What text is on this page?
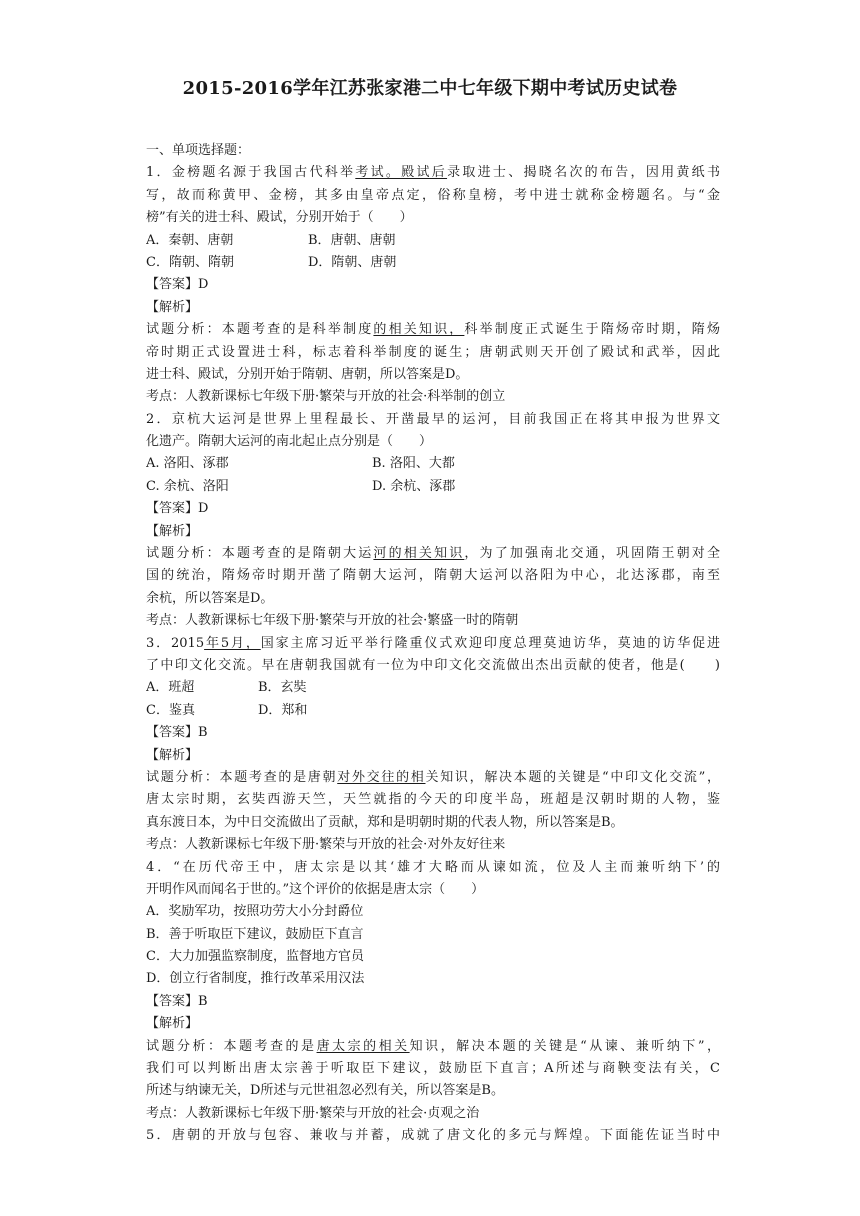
2015-2016学年江苏张家港二中七年级下期中考试历史试卷
一、单项选择题：
1．金榜题名源于我国古代科举考试。殿试后录取进士、揭晓名次的布告，因用黄纸书
写，故而称黄甲、金榜，其多由皇帝点定，俗称皇榜，考中进士就称金榜题名。与“金
榜”有关的进士科、殿试，分别开始于（　　）
A．秦朝、唐朝	B．唐朝、唐朝
C．隋朝、隋朝	D．隋朝、唐朝
【答案】D
【解析】
试题分析：本题考查的是科举制度的相关知识，科举制度正式诞生于隋炀帝时期，隋炀
帝时期正式设置进士科，标志着科举制度的诞生；唐朝武则天开创了殿试和武举，因此
进士科、殿试，分别开始于隋朝、唐朝，所以答案是D。
考点：人教新课标七年级下册·繁荣与开放的社会·科举制的创立
2．京杭大运河是世界上里程最长、开凿最早的运河，目前我国正在将其申报为世界文
化遗产。隋朝大运河的南北起止点分别是（　　）
A. 洛阳、涿郡	B. 洛阳、大都
C. 余杭、洛阳	D. 余杭、涿郡
【答案】D
【解析】
试题分析：本题考查的是隋朝大运河的相关知识，为了加强南北交通，巩固隋王朝对全
国的统治，隋炀帝时期开凿了隋朝大运河，隋朝大运河以洛阳为中心，北达涿郡，南至
余杭，所以答案是D。
考点：人教新课标七年级下册·繁荣与开放的社会·繁盛一时的隋朝
3．2015年5月，国家主席习近平举行隆重仪式欢迎印度总理莫迪访华，莫迪的访华促进
了中印文化交流。早在唐朝我国就有一位为中印文化交流做出杰出贡献的使者，他是(　　)
A．班超	B．玄奘
C．鉴真	D．郑和
【答案】B
【解析】
试题分析：本题考查的是唐朝对外交往的相关知识，解决本题的关键是“中印文化交流”，
唐太宗时期，玄奘西游天竺，天竺就指的今天的印度半岛，班超是汉朝时期的人物，鉴
真东渡日本，为中日交流做出了贡献，郑和是明朝时期的代表人物，所以答案是B。
考点：人教新课标七年级下册·繁荣与开放的社会·对外友好往来
4．“在历代帝王中，唐太宗是以其‘雄才大略而从谏如流，位及人主而兼听纳下’的
开明作风而闻名于世的。”这个评价的依据是唐太宗（　　）
A．奖励军功，按照功劳大小分封爵位
B．善于听取臣下建议，鼓励臣下直言
C．大力加强监察制度，监督地方官员
D．创立行省制度，推行改革采用汉法
【答案】B
【解析】
试题分析：本题考查的是唐太宗的相关知识，解决本题的关键是“从谏、兼听纳下”，
我们可以判断出唐太宗善于听取臣下建议，鼓励臣下直言；A所述与商鞅变法有关，C
所述与纳谏无关，D所述与元世祖忽必烈有关，所以答案是B。
考点：人教新课标七年级下册·繁荣与开放的社会·贞观之治
5．唐朝的开放与包容、兼收与并蓄，成就了唐文化的多元与辉煌。下面能佐证当时中
